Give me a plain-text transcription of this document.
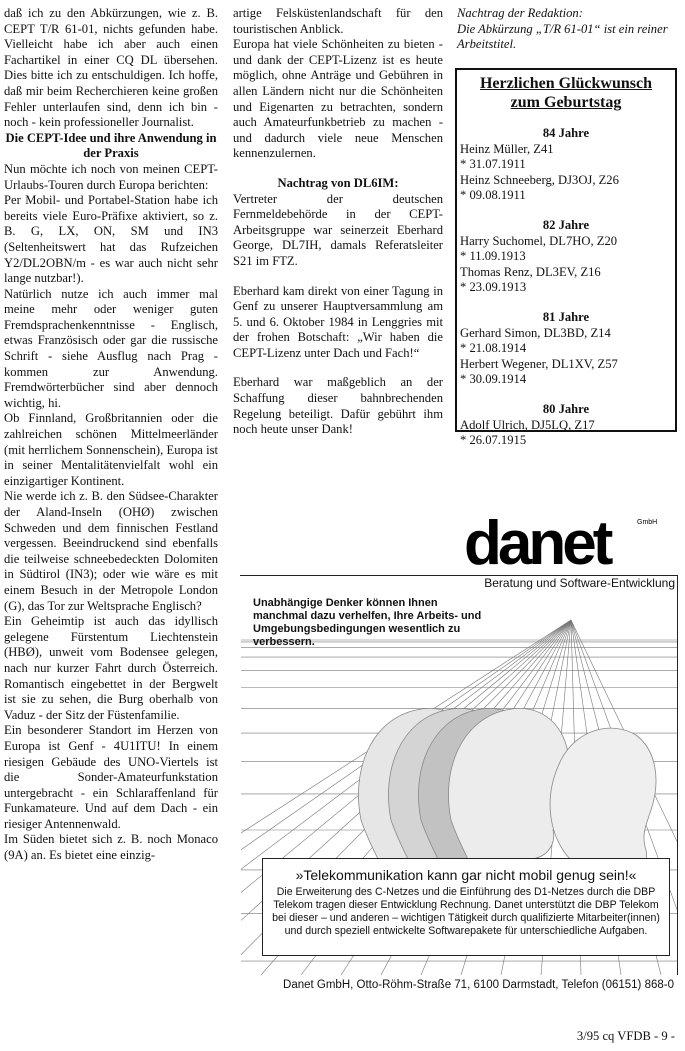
daß ich zu den Abkürzungen, wie z. B. CEPT T/R 61-01, nichts gefunden habe. Vielleicht habe ich aber auch einen Fachartikel in einer CQ DL übersehen. Dies bitte ich zu entschuldigen. Ich hoffe, daß mir beim Recherchieren keine großen Fehler unterlaufen sind, denn ich bin - noch - kein professioneller Journalist.

Die CEPT-Idee und ihre Anwendung in der Praxis

Nun möchte ich noch von meinen CEPT-Urlaubs-Touren durch Europa berichten:

Per Mobil- und Portabel-Station habe ich bereits viele Euro-Präfixe aktiviert, so z. B. G, LX, ON, SM und IN3 (Seltenheitswert hat das Rufzeichen Y2/DL2OBN/m - es war auch nicht sehr lange nutzbar!).

Natürlich nutze ich auch immer mal meine mehr oder weniger guten Fremdsprachenkenntnisse - Englisch, etwas Französisch oder gar die russische Schrift - siehe Ausflug nach Prag - kommen zur Anwendung. Fremdwörterbücher sind aber dennoch wichtig, hi.

Ob Finnland, Großbritannien oder die zahlreichen schönen Mittelmeerländer (mit herrlichem Sonnenschein), Europa ist in seiner Mentalitätenvielfalt wohl ein einzigartiger Kontinent.

Nie werde ich z. B. den Südsee-Charakter der Aland-Inseln (OHØ) zwischen Schweden und dem finnischen Festland vergessen. Beeindruckend sind ebenfalls die teilweise schneebedeckten Dolomiten in Südtirol (IN3); oder wie wäre es mit einem Besuch in der Metropole London (G), das Tor zur Weltsprache Englisch?

Ein Geheimtip ist auch das idyllisch gelegene Fürstentum Liechtenstein (HBØ), unweit vom Bodensee gelegen, nach nur kurzer Fahrt durch Österreich. Romantisch eingebettet in der Bergwelt ist sie zu sehen, die Burg oberhalb von Vaduz - der Sitz der Füstenfamilie.

Ein besonderer Standort im Herzen von Europa ist Genf - 4U1ITU! In einem riesigen Gebäude des UNO-Viertels ist die Sonder-Amateurfunkstation untergebracht - ein Schlaraffenland für Funkamateure. Und auf dem Dach - ein riesiger Antennenwald.

Im Süden bietet sich z. B. noch Monaco (9A) an. Es bietet eine einzig-

artige Felsküstenlandschaft für den touristischen Anblick.

Europa hat viele Schönheiten zu bieten - und dank der CEPT-Lizenz ist es heute möglich, ohne Anträge und Gebühren in allen Ländern nicht nur die Schönheiten und Eigenarten zu betrachten, sondern auch Amateurfunkbetrieb zu machen - und dadurch viele neue Menschen kennenzulernen.

Nachtrag von DL6IM:

Vertreter der deutschen Fernmeldebehörde in der CEPT-Arbeitsgruppe war seinerzeit Eberhard George, DL7IH, damals Referatsleiter S21 im FTZ.

Eberhard kam direkt von einer Tagung in Genf zu unserer Hauptversammlung am 5. und 6. Oktober 1984 in Lenggries mit der frohen Botschaft: „Wir haben die CEPT-Lizenz unter Dach und Fach!“

Eberhard war maßgeblich an der Schaffung dieser bahnbrechenden Regelung beteiligt. Dafür gebührt ihm noch heute unser Dank!

Nachtrag der Redaktion:
Die Abkürzung „T/R 61-01“ ist ein reiner Arbeitstitel.
Herzlichen Glückwunsch
zum Geburtstag
84 Jahre
Heinz Müller, Z41
* 31.07.1911
Heinz Schneeberg, DJ3OJ, Z26
* 09.08.1911
82 Jahre
Harry Suchomel, DL7HO, Z20
* 11.09.1913
Thomas Renz, DL3EV, Z16
* 23.09.1913
81 Jahre
Gerhard Simon, DL3BD, Z14
* 21.08.1914
Herbert Wegener, DL1XV, Z57
* 30.09.1914
80 Jahre
Adolf Ulrich, DJ5LQ, Z17
* 26.07.1915
danet	GmbH
Beratung und Software-Entwicklung
Unabhängige Denker können Ihnen manchmal dazu verhelfen, Ihre Arbeits- und Umgebungsbedingungen wesentlich zu verbessern.
»Telekommunikation kann gar nicht mobil genug sein!«
Die Erweiterung des C-Netzes und die Einführung des D1-Netzes durch die DBP Telekom tragen dieser Entwicklung Rechnung. Danet unterstützt die DBP Telekom bei dieser – und anderen – wichtigen Tätigkeit durch qualifizierte Mitarbeiter(innen) und durch speziell entwickelte Softwarepakete für unterschiedliche Aufgaben.
Danet GmbH, Otto-Röhm-Straße 71, 6100 Darmstadt, Telefon (06151) 868-0
3/95 cq VFDB - 9 -
